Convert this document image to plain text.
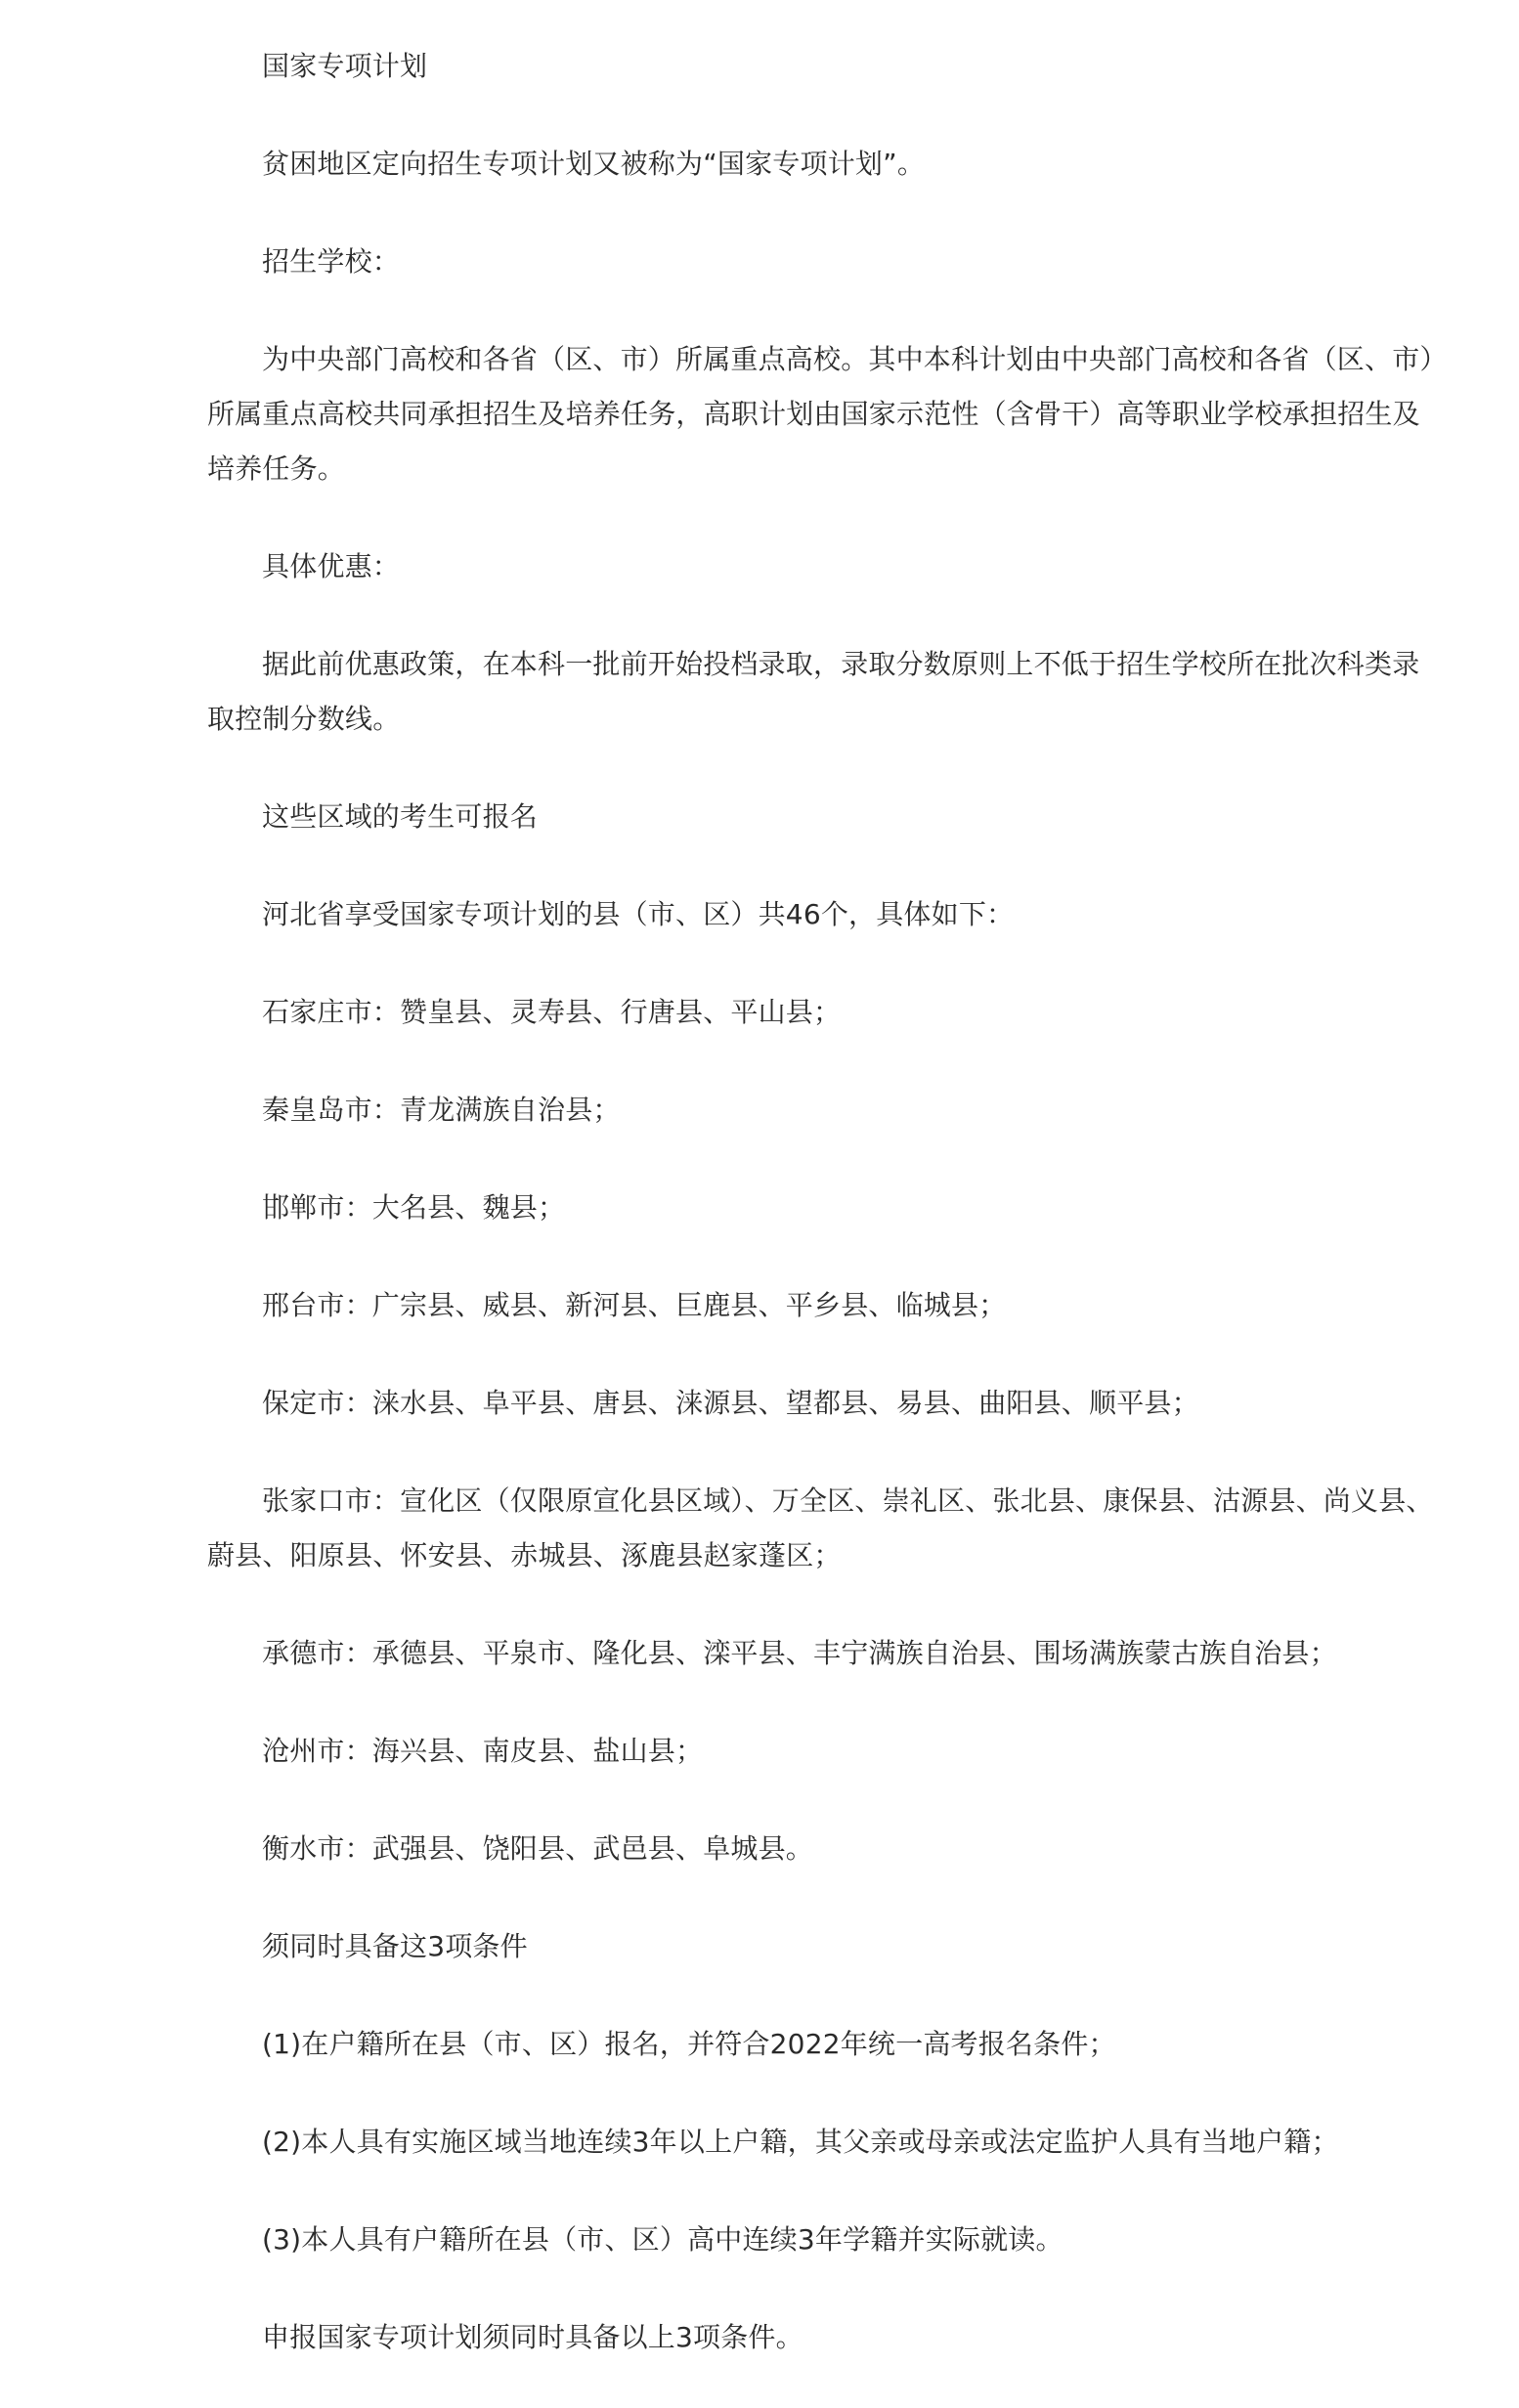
国家专项计划

贫困地区定向招生专项计划又被称为“国家专项计划”。

招生学校：

为中央部门高校和各省（区、市）所属重点高校。其中本科计划由中央部门高校和各省（区、市）所属重点高校共同承担招生及培养任务，高职计划由国家示范性（含骨干）高等职业学校承担招生及培养任务。

具体优惠：

据此前优惠政策，在本科一批前开始投档录取，录取分数原则上不低于招生学校所在批次科类录取控制分数线。

这些区域的考生可报名

河北省享受国家专项计划的县（市、区）共46个，具体如下：

石家庄市：赞皇县、灵寿县、行唐县、平山县；

秦皇岛市：青龙满族自治县；

邯郸市：大名县、魏县；

邢台市：广宗县、威县、新河县、巨鹿县、平乡县、临城县；

保定市：涞水县、阜平县、唐县、涞源县、望都县、易县、曲阳县、顺平县；

张家口市：宣化区（仅限原宣化县区域）、万全区、崇礼区、张北县、康保县、沽源县、尚义县、蔚县、阳原县、怀安县、赤城县、涿鹿县赵家蓬区；

承德市：承德县、平泉市、隆化县、滦平县、丰宁满族自治县、围场满族蒙古族自治县；

沧州市：海兴县、南皮县、盐山县；

衡水市：武强县、饶阳县、武邑县、阜城县。

须同时具备这3项条件

(1)在户籍所在县（市、区）报名，并符合2022年统一高考报名条件；

(2)本人具有实施区域当地连续3年以上户籍，其父亲或母亲或法定监护人具有当地户籍；

(3)本人具有户籍所在县（市、区）高中连续3年学籍并实际就读。

申报国家专项计划须同时具备以上3项条件。
